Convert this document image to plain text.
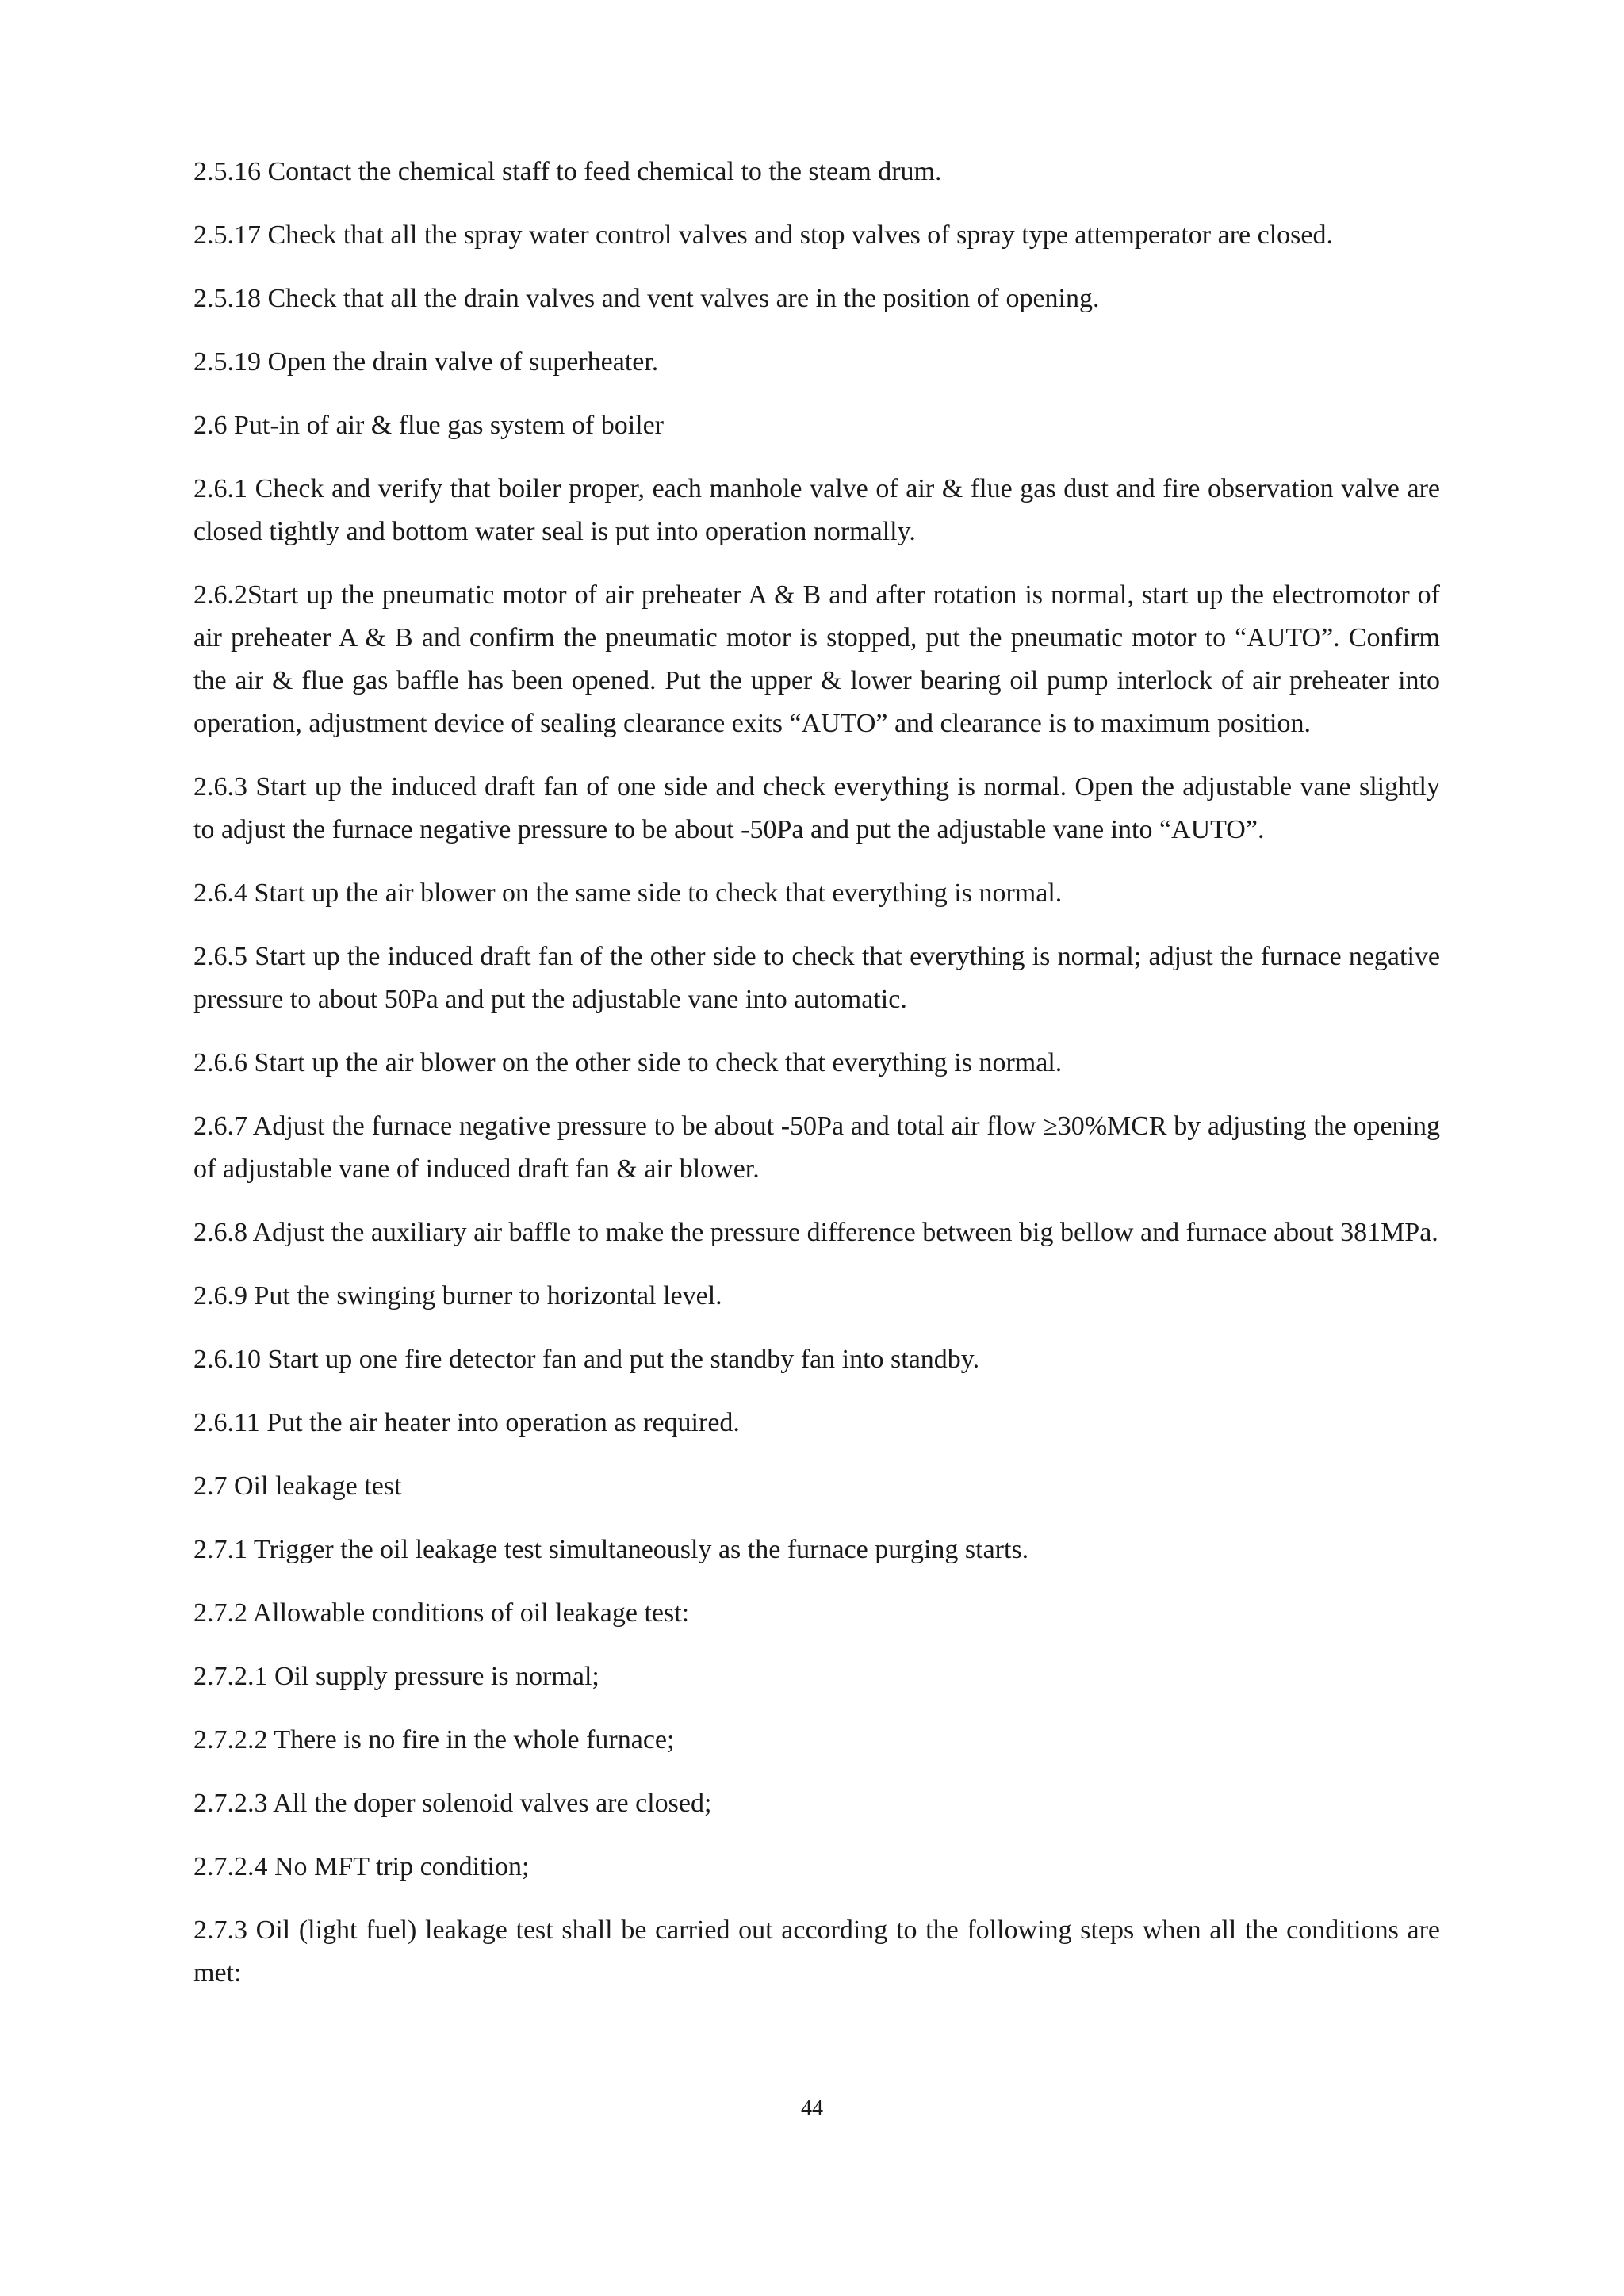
2.5.16 Contact the chemical staff to feed chemical to the steam drum.

2.5.17 Check that all the spray water control valves and stop valves of spray type attemperator are closed.

2.5.18 Check that all the drain valves and vent valves are in the position of opening.

2.5.19 Open the drain valve of superheater.

2.6 Put-in of air & flue gas system of boiler

2.6.1 Check and verify that boiler proper, each manhole valve of air & flue gas dust and fire observation valve are closed tightly and bottom water seal is put into operation normally.

2.6.2Start up the pneumatic motor of air preheater A & B and after rotation is normal, start up the electromotor of air preheater A & B and confirm the pneumatic motor is stopped, put the pneumatic motor to “AUTO”. Confirm the air & flue gas baffle has been opened. Put the upper & lower bearing oil pump interlock of air preheater into operation, adjustment device of sealing clearance exits “AUTO” and clearance is to maximum position.

2.6.3 Start up the induced draft fan of one side and check everything is normal. Open the adjustable vane slightly to adjust the furnace negative pressure to be about -50Pa and put the adjustable vane into “AUTO”.

2.6.4 Start up the air blower on the same side to check that everything is normal.

2.6.5 Start up the induced draft fan of the other side to check that everything is normal; adjust the furnace negative pressure to about 50Pa and put the adjustable vane into automatic.

2.6.6 Start up the air blower on the other side to check that everything is normal.

2.6.7 Adjust the furnace negative pressure to be about -50Pa and total air flow ≥30%MCR by adjusting the opening of adjustable vane of induced draft fan & air blower.

2.6.8 Adjust the auxiliary air baffle to make the pressure difference between big bellow and furnace about 381MPa.

2.6.9 Put the swinging burner to horizontal level.

2.6.10 Start up one fire detector fan and put the standby fan into standby.

2.6.11 Put the air heater into operation as required.

2.7 Oil leakage test

2.7.1 Trigger the oil leakage test simultaneously as the furnace purging starts.

2.7.2 Allowable conditions of oil leakage test:

2.7.2.1 Oil supply pressure is normal;

2.7.2.2 There is no fire in the whole furnace;

2.7.2.3 All the doper solenoid valves are closed;

2.7.2.4 No MFT trip condition;

2.7.3 Oil (light fuel) leakage test shall be carried out according to the following steps when all the conditions are met:

44
